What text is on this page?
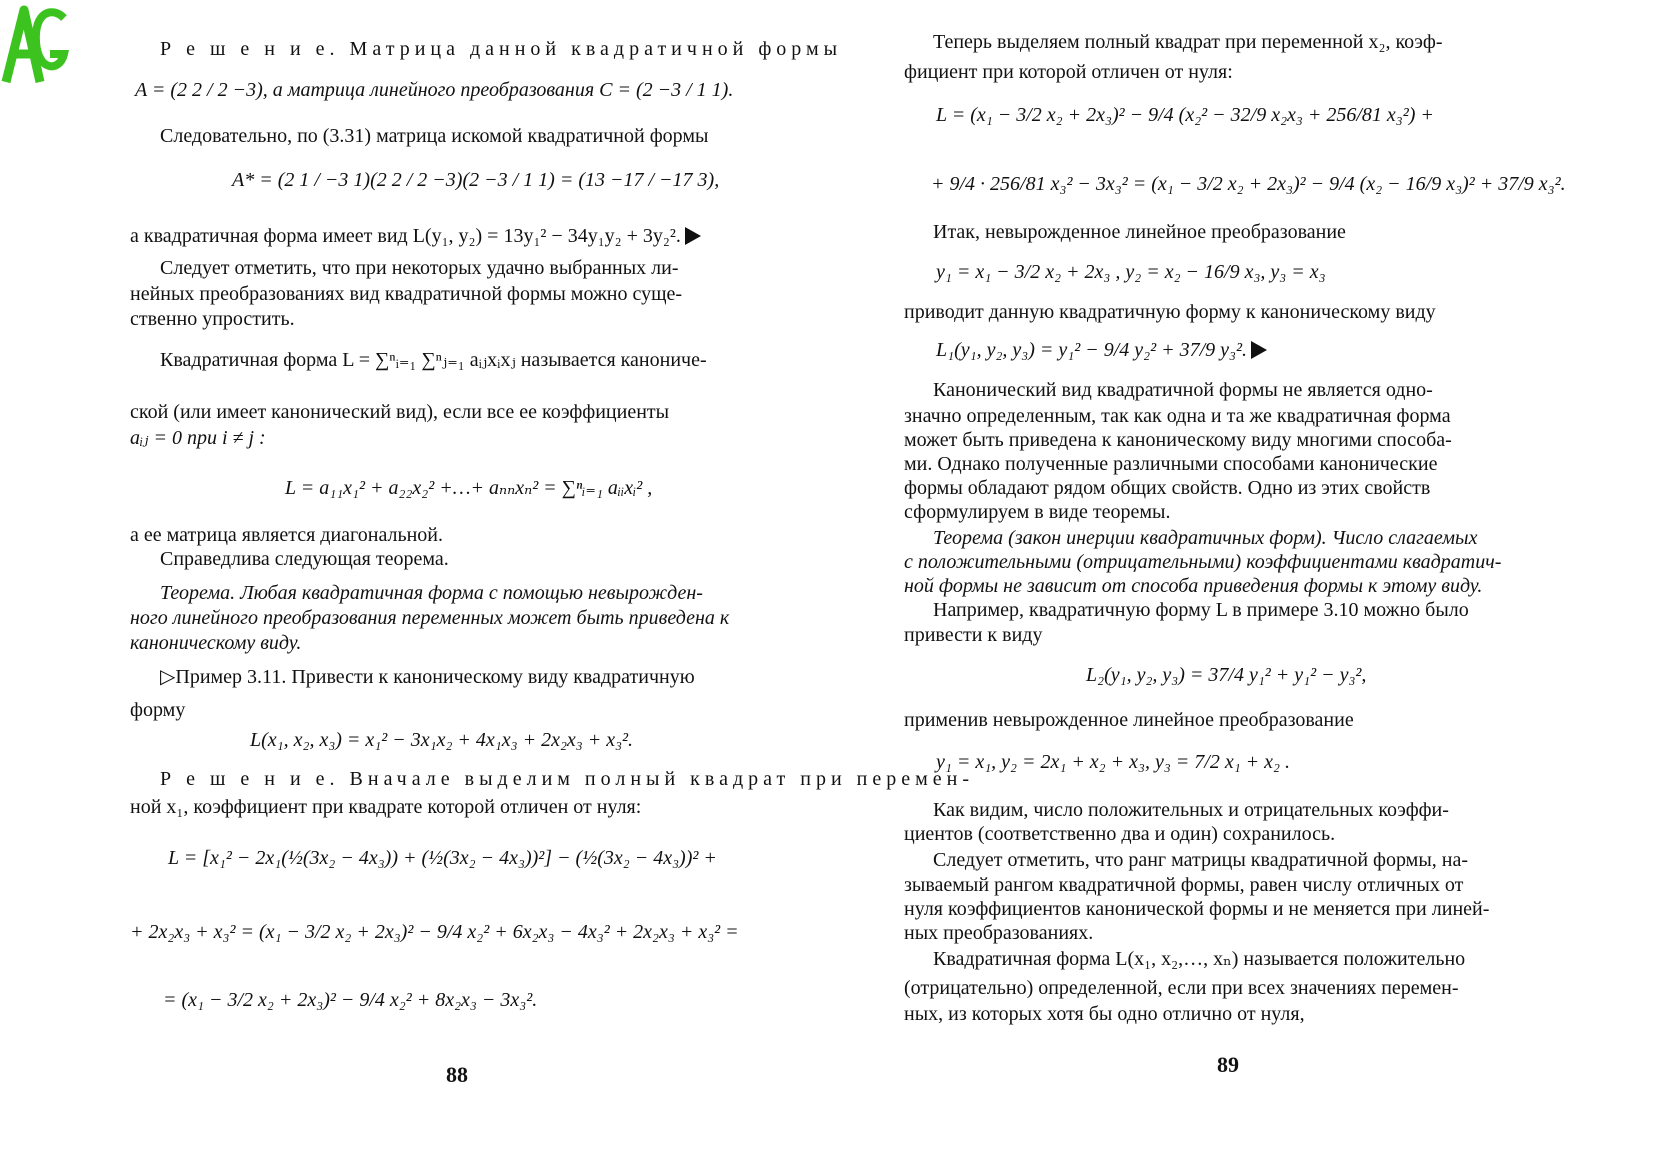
Р е ш е н и е. Матрица данной квадратичной формы
A = (2 2 / 2 −3), а матрица линейного преобразования C = (2 −3 / 1 1).
Следовательно, по (3.31) матрица искомой квадратичной формы
A* = (2 1 / −3 1)(2 2 / 2 −3)(2 −3 / 1 1) = (13 −17 / −17 3),
а квадратичная форма имеет вид L(y₁, y₂) = 13y₁² − 34y₁y₂ + 3y₂².
Следует отметить, что при некоторых удачно выбранных ли-
нейных преобразованиях вид квадратичной формы можно суще-
ственно упростить.
Квадратичная форма L = ∑ⁿᵢ₌₁ ∑ⁿⱼ₌₁ aᵢⱼxᵢxⱼ называется канониче-
ской (или имеет канонический вид), если все ее коэффициенты
aᵢⱼ = 0 при i ≠ j :
L = a₁₁x₁² + a₂₂x₂² +…+ aₙₙxₙ² = ∑ⁿᵢ₌₁ aᵢᵢxᵢ² ,
а ее матрица является диагональной.
Справедлива следующая теорема.
Теорема. Любая квадратичная форма с помощью невырожден-
ного линейного преобразования переменных может быть приведена к
каноническому виду.
▷Пример 3.11. Привести к каноническому виду квадратичную
форму
L(x₁, x₂, x₃) = x₁² − 3x₁x₂ + 4x₁x₃ + 2x₂x₃ + x₃².
Р е ш е н и е. Вначале выделим полный квадрат при перемен-
ной x₁, коэффициент при квадрате которой отличен от нуля:
L = [x₁² − 2x₁(½(3x₂ − 4x₃)) + (½(3x₂ − 4x₃))²] − (½(3x₂ − 4x₃))² +
+ 2x₂x₃ + x₃² = (x₁ − 3/2 x₂ + 2x₃)² − 9/4 x₂² + 6x₂x₃ − 4x₃² + 2x₂x₃ + x₃² =
= (x₁ − 3/2 x₂ + 2x₃)² − 9/4 x₂² + 8x₂x₃ − 3x₃².
88
Теперь выделяем полный квадрат при переменной x₂, коэф-
фициент при которой отличен от нуля:
L = (x₁ − 3/2 x₂ + 2x₃)² − 9/4 (x₂² − 32/9 x₂x₃ + 256/81 x₃²) +
+ 9/4 · 256/81 x₃² − 3x₃² = (x₁ − 3/2 x₂ + 2x₃)² − 9/4 (x₂ − 16/9 x₃)² + 37/9 x₃².
Итак, невырожденное линейное преобразование
y₁ = x₁ − 3/2 x₂ + 2x₃ , y₂ = x₂ − 16/9 x₃, y₃ = x₃
приводит данную квадратичную форму к каноническому виду
L₁(y₁, y₂, y₃) = y₁² − 9/4 y₂² + 37/9 y₃².
Канонический вид квадратичной формы не является одно-
значно определенным, так как одна и та же квадратичная форма
может быть приведена к каноническому виду многими способа-
ми. Однако полученные различными способами канонические
формы обладают рядом общих свойств. Одно из этих свойств
сформулируем в виде теоремы.
Теорема (закон инерции квадратичных форм). Число слагаемых
с положительными (отрицательными) коэффициентами квадратич-
ной формы не зависит от способа приведения формы к этому виду.
Например, квадратичную форму L в примере 3.10 можно было
привести к виду
L₂(y₁, y₂, y₃) = 37/4 y₁² + y₁² − y₃²,
применив невырожденное линейное преобразование
y₁ = x₁, y₂ = 2x₁ + x₂ + x₃, y₃ = 7/2 x₁ + x₂ .
Как видим, число положительных и отрицательных коэффи-
циентов (соответственно два и один) сохранилось.
Следует отметить, что ранг матрицы квадратичной формы, на-
зываемый рангом квадратичной формы, равен числу отличных от
нуля коэффициентов канонической формы и не меняется при линей-
ных преобразованиях.
Квадратичная форма L(x₁, x₂,…, xₙ) называется положительно
(отрицательно) определенной, если при всех значениях перемен-
ных, из которых хотя бы одно отлично от нуля,
89
